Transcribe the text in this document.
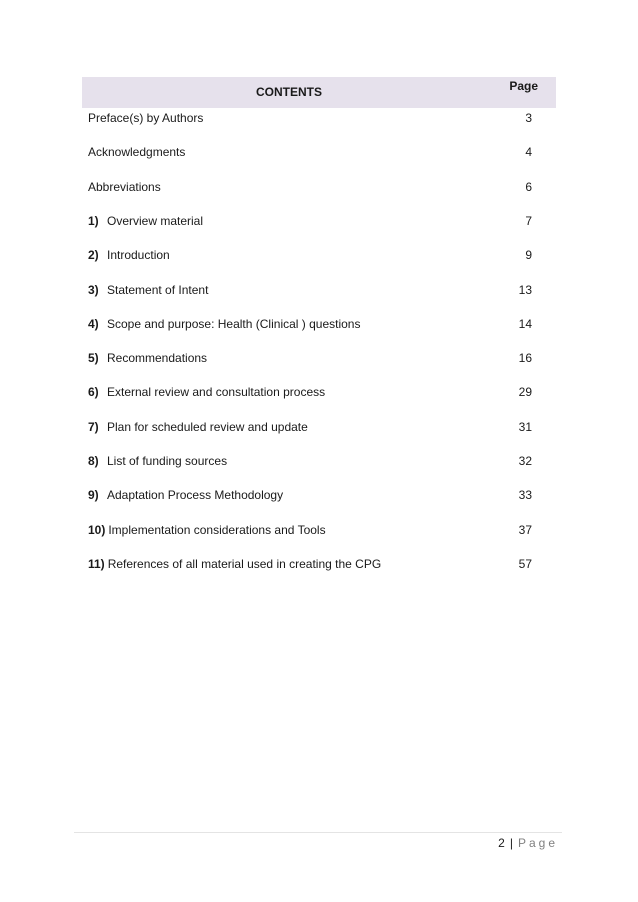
CONTENTS	Page
Preface(s) by Authors	3
Acknowledgments	4
Abbreviations	6
1) Overview material	7
2) Introduction	9
3) Statement of Intent	13
4) Scope and purpose: Health (Clinical ) questions	14
5) Recommendations	16
6) External review and consultation process	29
7) Plan for scheduled review and update	31
8) List of funding sources	32
9) Adaptation Process Methodology	33
10) Implementation considerations and Tools	37
11) References of all material used in creating the CPG	57
2 | Page
